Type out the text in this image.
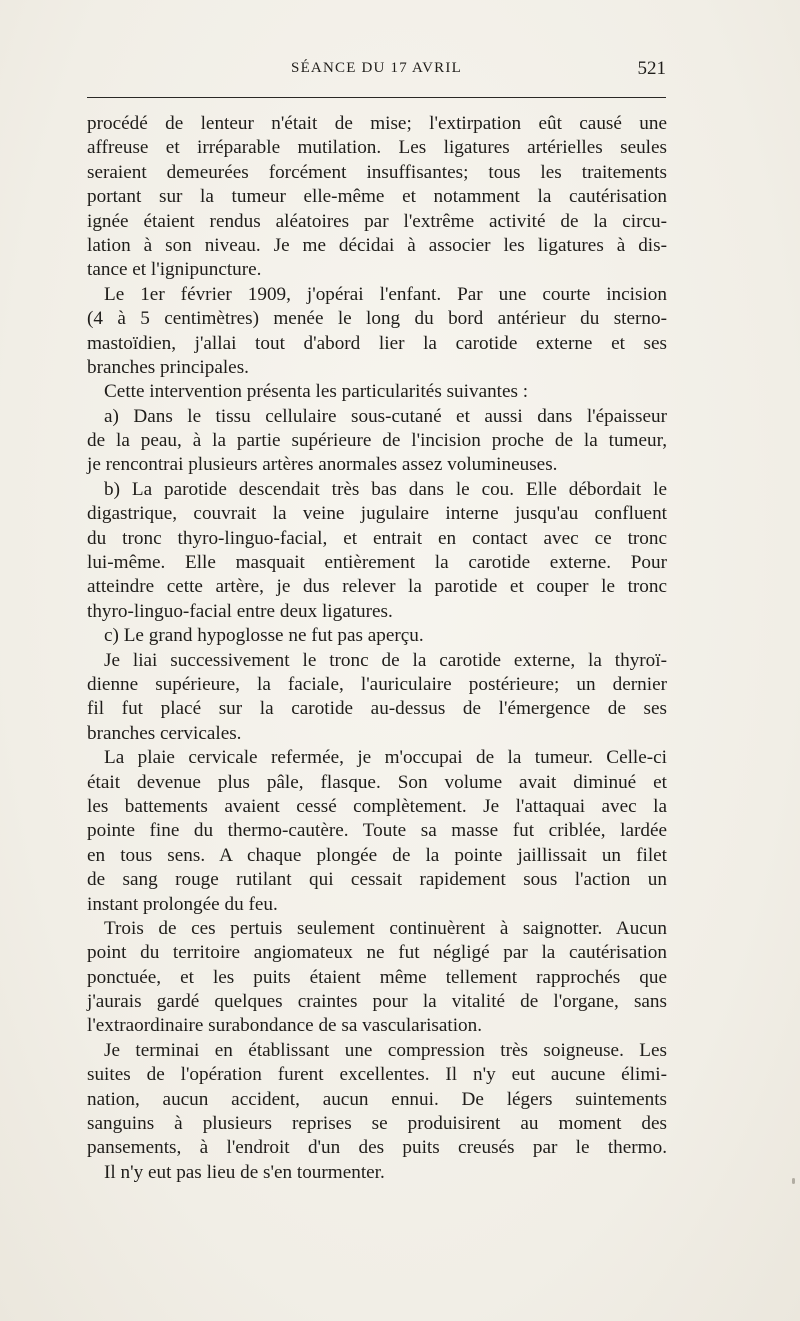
SÉANCE DU 17 AVRIL	521
procédé de lenteur n'était de mise; l'extirpation eût causé une
affreuse et irréparable mutilation. Les ligatures artérielles seules
seraient demeurées forcément insuffisantes; tous les traitements
portant sur la tumeur elle-même et notamment la cautérisation
ignée étaient rendus aléatoires par l'extrême activité de la circu-
lation à son niveau. Je me décidai à associer les ligatures à dis-
tance et l'ignipuncture.
Le 1er février 1909, j'opérai l'enfant. Par une courte incision
(4 à 5 centimètres) menée le long du bord antérieur du sterno-
mastoïdien, j'allai tout d'abord lier la carotide externe et ses
branches principales.
Cette intervention présenta les particularités suivantes :
a) Dans le tissu cellulaire sous-cutané et aussi dans l'épaisseur
de la peau, à la partie supérieure de l'incision proche de la tumeur,
je rencontrai plusieurs artères anormales assez volumineuses.
b) La parotide descendait très bas dans le cou. Elle débordait le
digastrique, couvrait la veine jugulaire interne jusqu'au confluent
du tronc thyro-linguo-facial, et entrait en contact avec ce tronc
lui-même. Elle masquait entièrement la carotide externe. Pour
atteindre cette artère, je dus relever la parotide et couper le tronc
thyro-linguo-facial entre deux ligatures.
c) Le grand hypoglosse ne fut pas aperçu.
Je liai successivement le tronc de la carotide externe, la thyroï-
dienne supérieure, la faciale, l'auriculaire postérieure; un dernier
fil fut placé sur la carotide au-dessus de l'émergence de ses
branches cervicales.
La plaie cervicale refermée, je m'occupai de la tumeur. Celle-ci
était devenue plus pâle, flasque. Son volume avait diminué et
les battements avaient cessé complètement. Je l'attaquai avec la
pointe fine du thermo-cautère. Toute sa masse fut criblée, lardée
en tous sens. A chaque plongée de la pointe jaillissait un filet
de sang rouge rutilant qui cessait rapidement sous l'action un
instant prolongée du feu.
Trois de ces pertuis seulement continuèrent à saignotter. Aucun
point du territoire angiomateux ne fut négligé par la cautérisation
ponctuée, et les puits étaient même tellement rapprochés que
j'aurais gardé quelques craintes pour la vitalité de l'organe, sans
l'extraordinaire surabondance de sa vascularisation.
Je terminai en établissant une compression très soigneuse. Les
suites de l'opération furent excellentes. Il n'y eut aucune élimi-
nation, aucun accident, aucun ennui. De légers suintements
sanguins à plusieurs reprises se produisirent au moment des
pansements, à l'endroit d'un des puits creusés par le thermo.
Il n'y eut pas lieu de s'en tourmenter.
